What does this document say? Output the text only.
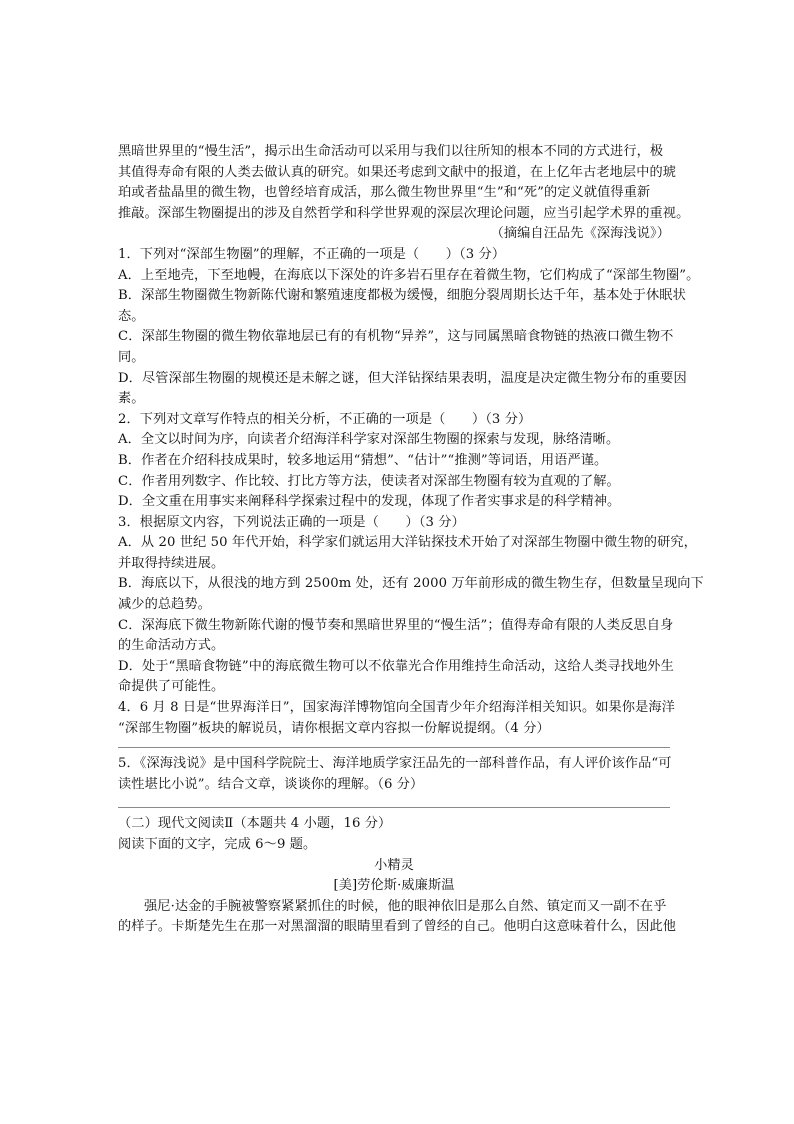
黑暗世界里的“慢生活”，揭示出生命活动可以采用与我们以往所知的根本不同的方式进行，极
其值得寿命有限的人类去做认真的研究。如果还考虑到文献中的报道，在上亿年古老地层中的琥
珀或者盐晶里的微生物，也曾经培育成活，那么微生物世界里“生”和“死”的定义就值得重新
推敲。深部生物圈提出的涉及自然哲学和科学世界观的深层次理论问题，应当引起学术界的重视。
（摘编自汪品先《深海浅说》）
1．下列对“深部生物圈”的理解，不正确的一项是（　　）（3 分）
A．上至地壳，下至地幔，在海底以下深处的许多岩石里存在着微生物，它们构成了“深部生物圈”。
B．深部生物圈微生物新陈代谢和繁殖速度都极为缓慢，细胞分裂周期长达千年，基本处于休眠状
态。
C．深部生物圈的微生物依靠地层已有的有机物“异养”，这与同属黑暗食物链的热液口微生物不
同。
D．尽管深部生物圈的规模还是未解之谜，但大洋钻探结果表明，温度是决定微生物分布的重要因
素。
2．下列对文章写作特点的相关分析，不正确的一项是（　　）（3 分）
A．全文以时间为序，向读者介绍海洋科学家对深部生物圈的探索与发现，脉络清晰。
B．作者在介绍科技成果时，较多地运用“猜想”、“估计”“推测”等词语，用语严谨。
C．作者用列数字、作比较、打比方等方法，使读者对深部生物圈有较为直观的了解。
D．全文重在用事实来阐释科学探索过程中的发现，体现了作者实事求是的科学精神。
3．根据原文内容，下列说法正确的一项是（　　）（3 分）
A．从 20 世纪 50 年代开始，科学家们就运用大洋钻探技术开始了对深部生物圈中微生物的研究，
并取得持续进展。
B．海底以下，从很浅的地方到 2500m 处，还有 2000 万年前形成的微生物生存，但数量呈现向下
减少的总趋势。
C．深海底下微生物新陈代谢的慢节奏和黑暗世界里的“慢生活”；值得寿命有限的人类反思自身
的生命活动方式。
D．处于“黑暗食物链”中的海底微生物可以不依靠光合作用维持生命活动，这给人类寻找地外生
命提供了可能性。
4．6 月 8 日是“世界海洋日”，国家海洋博物馆向全国青少年介绍海洋相关知识。如果你是海洋
“深部生物圈”板块的解说员，请你根据文章内容拟一份解说提纲。（4 分）
5．《深海浅说》是中国科学院院士、海洋地质学家汪品先的一部科普作品，有人评价该作品“可
读性堪比小说”。结合文章，谈谈你的理解。（6 分）
（二）现代文阅读Ⅱ（本题共 4 小题，16 分）
阅读下面的文字，完成 6～9 题。
小精灵
[美]劳伦斯·威廉斯温
强尼·达金的手腕被警察紧紧抓住的时候，他的眼神依旧是那么自然、镇定而又一副不在乎
的样子。卡斯楚先生在那一对黑溜溜的眼睛里看到了曾经的自己。他明白这意味着什么，因此他
